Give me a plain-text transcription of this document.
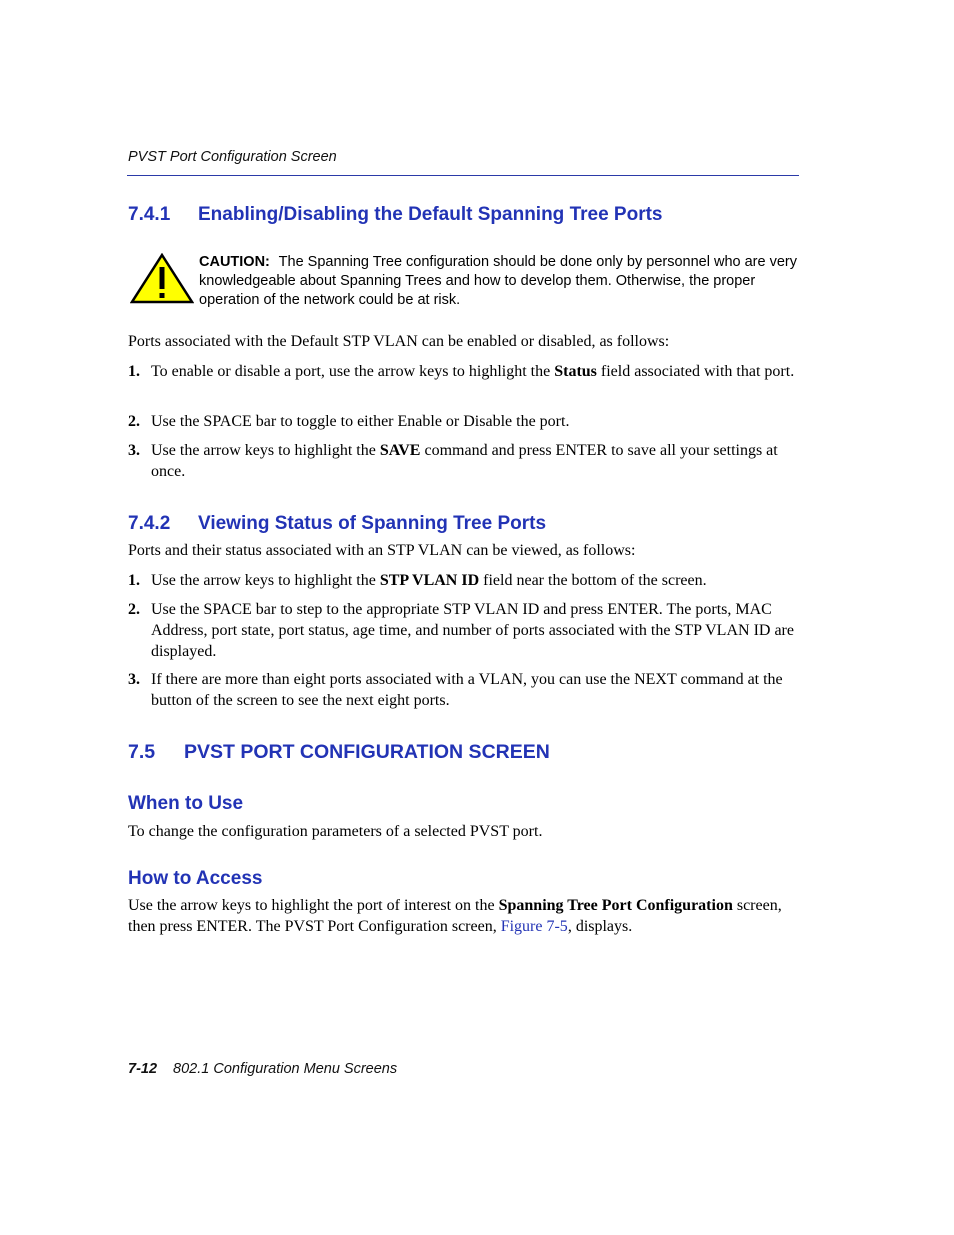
PVST Port Configuration Screen
7.4.1 Enabling/Disabling the Default Spanning Tree Ports
CAUTION: The Spanning Tree configuration should be done only by personnel who are very knowledgeable about Spanning Trees and how to develop them. Otherwise, the proper operation of the network could be at risk.
Ports associated with the Default STP VLAN can be enabled or disabled, as follows:
1. To enable or disable a port, use the arrow keys to highlight the Status field associated with that port.
2. Use the SPACE bar to toggle to either Enable or Disable the port.
3. Use the arrow keys to highlight the SAVE command and press ENTER to save all your settings at once.
7.4.2 Viewing Status of Spanning Tree Ports
Ports and their status associated with an STP VLAN can be viewed, as follows:
1. Use the arrow keys to highlight the STP VLAN ID field near the bottom of the screen.
2. Use the SPACE bar to step to the appropriate STP VLAN ID and press ENTER. The ports, MAC Address, port state, port status, age time, and number of ports associated with the STP VLAN ID are displayed.
3. If there are more than eight ports associated with a VLAN, you can use the NEXT command at the button of the screen to see the next eight ports.
7.5 PVST PORT CONFIGURATION SCREEN
When to Use
To change the configuration parameters of a selected PVST port.
How to Access
Use the arrow keys to highlight the port of interest on the Spanning Tree Port Configuration screen, then press ENTER. The PVST Port Configuration screen, Figure 7-5, displays.
7-12 802.1 Configuration Menu Screens
